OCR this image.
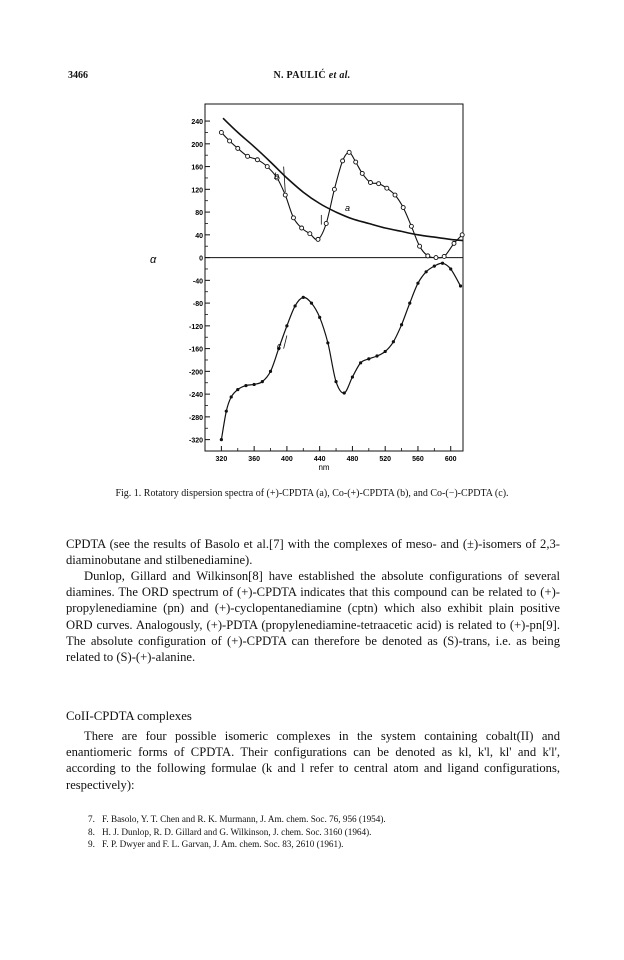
3466	N. PAULIĆ et al.
240
200
160
120
80
40
0
-40
-80
-120
-160
-200
-240
-280
-320
320	360	400	440	480	520	560	600
α
nm
b
a
c
Fig. 1. Rotatory dispersion spectra of (+)-CPDTA (a), Co-(+)-CPDTA (b), and Co-(−)-CPDTA (c).

CPDTA (see the results of Basolo et al.[7] with the complexes of meso- and (±)-isomers of 2,3-diaminobutane and stilbenediamine).

Dunlop, Gillard and Wilkinson[8] have established the absolute configurations of several diamines. The ORD spectrum of (+)-CPDTA indicates that this compound can be related to (+)-propylenediamine (pn) and (+)-cyclopentanediamine (cptn) which also exhibit plain positive ORD curves. Analogously, (+)-PDTA (propylenediamine-tetraacetic acid) is related to (+)-pn[9]. The absolute configuration of (+)-CPDTA can therefore be denoted as (S)-trans, i.e. as being related to (S)-(+)-alanine.

CoII-CPDTA complexes

There are four possible isomeric complexes in the system containing cobalt(II) and enantiomeric forms of CPDTA. Their configurations can be denoted as kl, k'l, kl' and k'l', according to the following formulae (k and l refer to central atom and ligand configurations, respectively):

7. F. Basolo, Y. T. Chen and R. K. Murmann, J. Am. chem. Soc. 76, 956 (1954).
8. H. J. Dunlop, R. D. Gillard and G. Wilkinson, J. chem. Soc. 3160 (1964).
9. F. P. Dwyer and F. L. Garvan, J. Am. chem. Soc. 83, 2610 (1961).
